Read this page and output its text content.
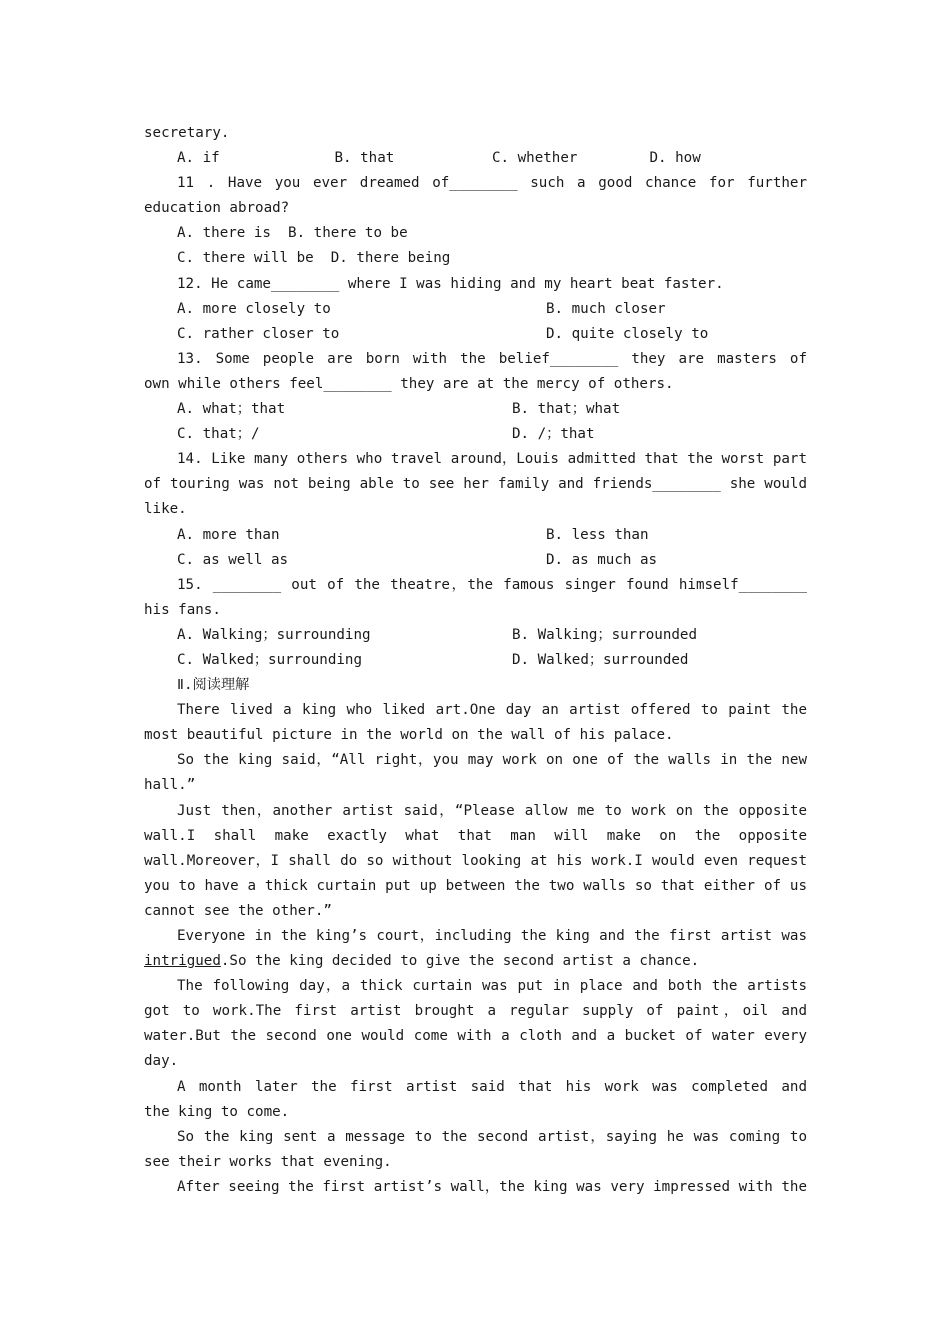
secretary.
A. if	B. that	C. whether	D. how
11 . Have you ever dreamed of________ such a good chance for further
education abroad?
A. there is  B. there to be
C. there will be  D. there being
12. He came________ where I was hiding and my heart beat faster.
A. more closely to	B. much closer
C. rather closer to	D. quite closely to
13. Some people are born with the belief________ they are masters of
own while others feel________ they are at the mercy of others.
A. what；that	B. that；what
C. that；/	D. /；that
14. Like many others who travel around，Louis admitted that the worst part
of touring was not being able to see her family and friends________ she would
like.
A. more than	B. less than
C. as well as	D. as much as
15. ________ out of the theatre，the famous singer found himself________
his fans.
A. Walking；surrounding	B. Walking；surrounded
C. Walked；surrounding	D. Walked；surrounded
Ⅱ.阅读理解
There lived a king who liked art.One day an artist offered to paint the
most beautiful picture in the world on the wall of his palace.
So the king said，“All right，you may work on one of the walls in the new
hall.”
Just then，another artist said，“Please allow me to work on the opposite
wall.I shall make exactly what that man will make on the opposite
wall.Moreover，I shall do so without looking at his work.I would even request
you to have a thick curtain put up between the two walls so that either of us
cannot see the other.”
Everyone in the king’s court，including the king and the first artist was
intrigued.So the king decided to give the second artist a chance.
The following day，a thick curtain was put in place and both the artists
got to work.The first artist brought a regular supply of paint，oil and
water.But the second one would come with a cloth and a bucket of water every
day.
A month later the first artist said that his work was completed and
the king to come.
So the king sent a message to the second artist，saying he was coming to
see their works that evening.
After seeing the first artist’s wall，the king was very impressed with the
